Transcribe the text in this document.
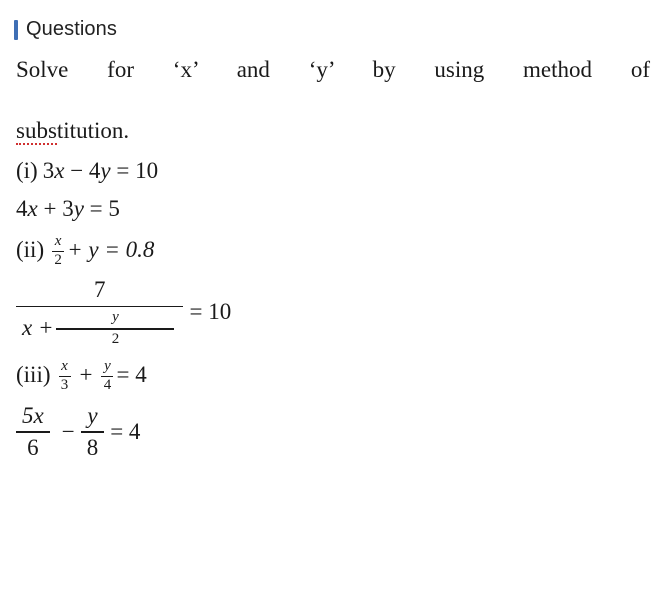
Questions
Solve for ‘x’ and ‘y’ by using method of
substitution.
(i) 3 x − 4 y = 10
4 x + 3 y = 5
$(ii) \frac{x}{2} + y = 0.8$
$\frac{7}{x + \frac{y}{2}} = 10$
$(iii) \frac{x}{3} + \frac{y}{4} = 4$
$\frac{5x}{6} - \frac{y}{8} = 4$
